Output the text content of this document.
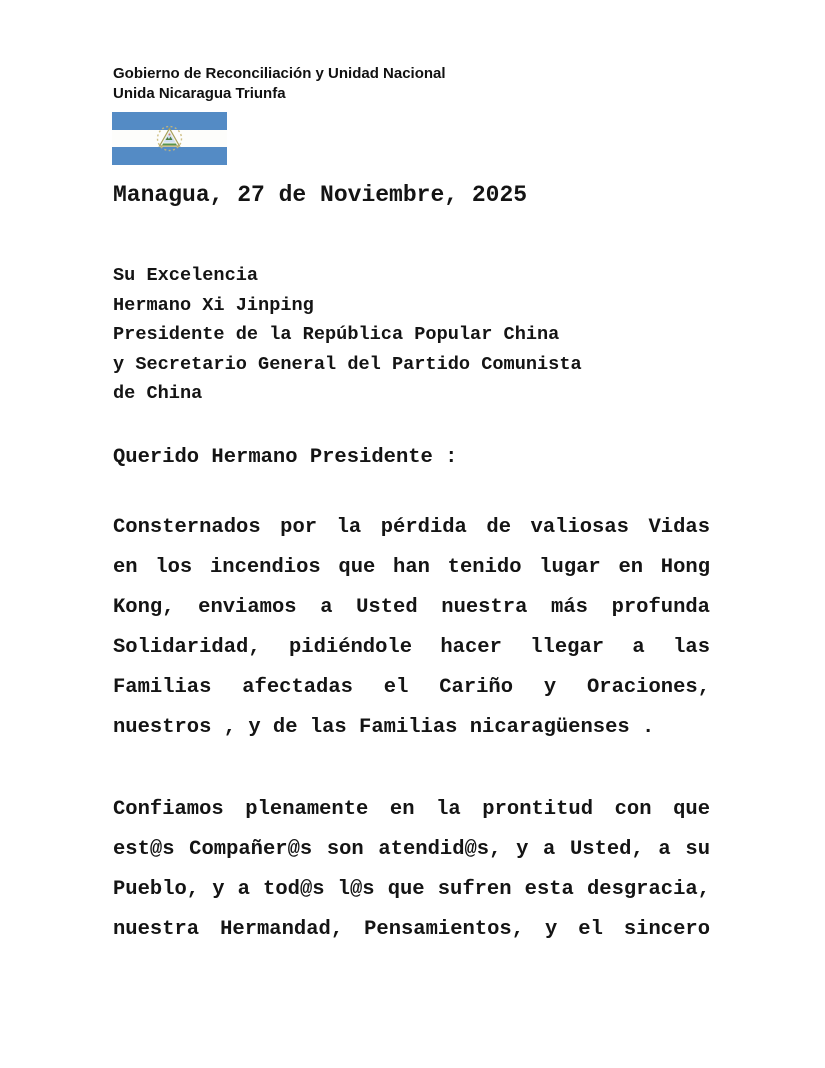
Gobierno de Reconciliación y Unidad Nacional
Unida Nicaragua Triunfa
Managua, 27 de Noviembre, 2025
Su Excelencia
Hermano Xi Jinping
Presidente de la República Popular China
y Secretario General del Partido Comunista
de China
Querido Hermano Presidente :
Consternados por la pérdida de valiosas Vidas
en los incendios que han tenido lugar en Hong
Kong, enviamos a Usted nuestra más profunda
Solidaridad, pidiéndole hacer llegar a las
Familias afectadas el Cariño y Oraciones,
nuestros , y de las Familias nicaragüenses .
Confiamos plenamente en la prontitud con que
est@s Compañer@s son atendid@s, y a Usted, a su
Pueblo, y a tod@s l@s que sufren esta desgracia,
nuestra Hermandad, Pensamientos, y el sincero
